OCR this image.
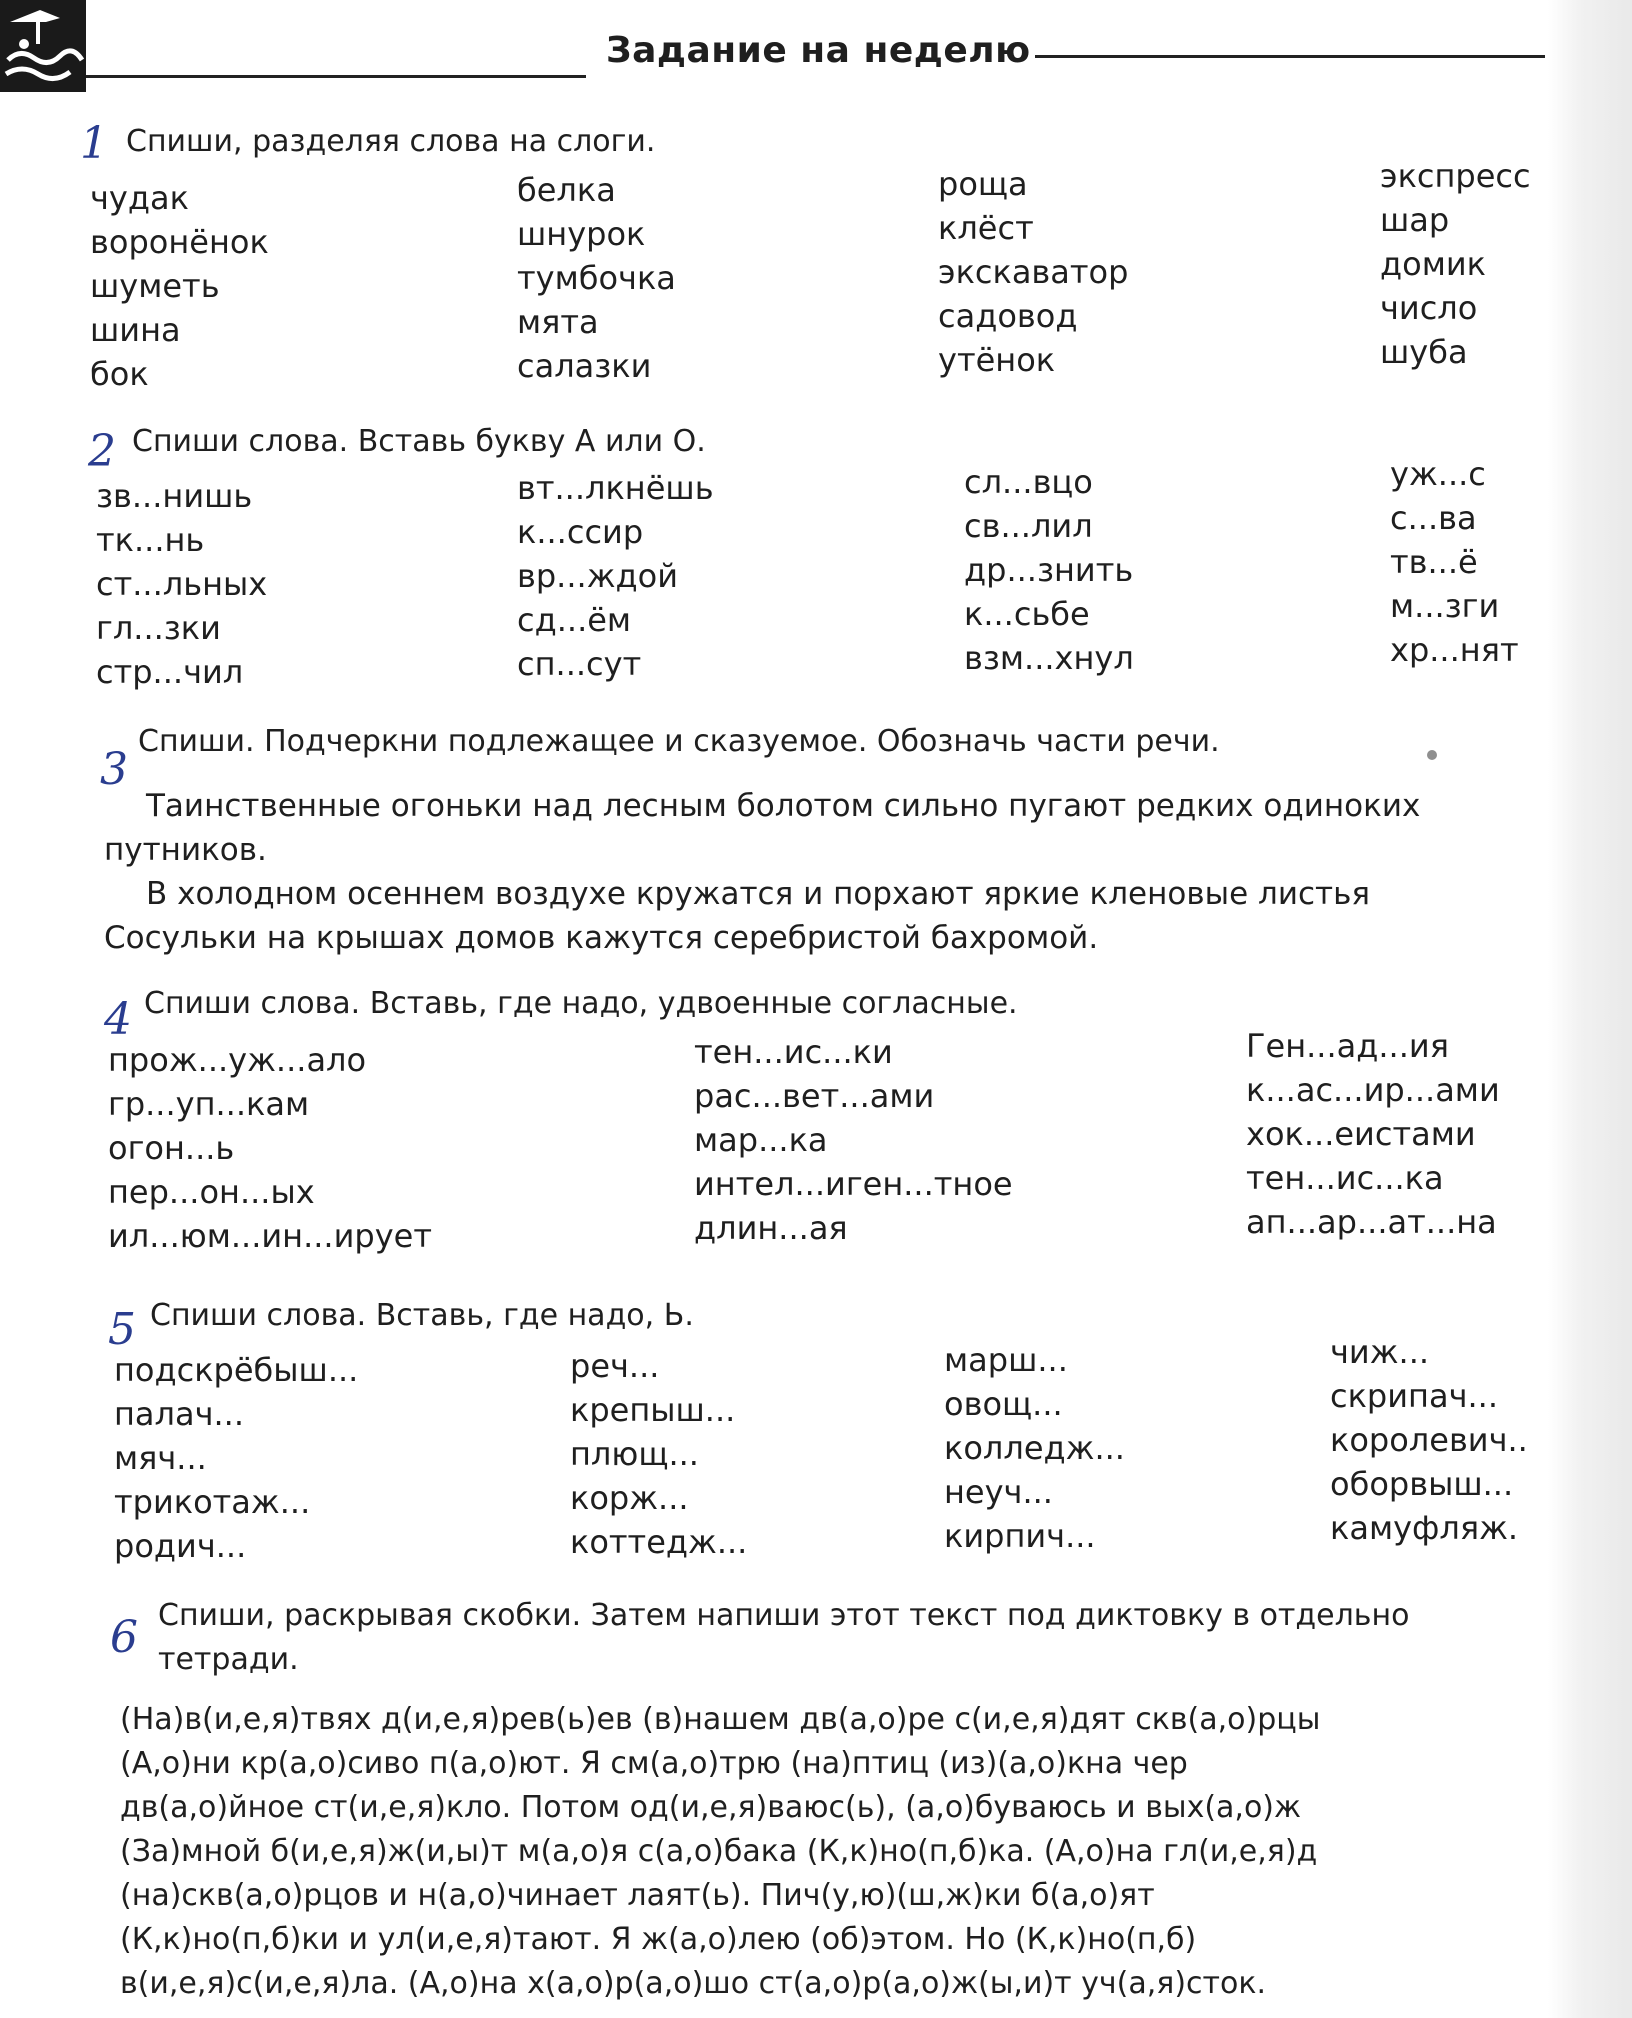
Задание на неделю
1 Спиши, разделяя слова на слоги.
чудак
воронёнок
шуметь
шина
бок
белка
шнурок
тумбочка
мята
салазки
роща
клёст
экскаватор
садовод
утёнок
экспресс
шар
домик
число
шуба
2 Спиши слова. Вставь букву А или О.
зв...нишь
тк...нь
ст...льных
гл...зки
стр...чил
вт...лкнёшь
к...ссир
вр...ждой
сд...ём
сп...сут
сл...вцо
св...лил
др...знить
к...сьбе
взм...хнул
уж...с
с...ва
тв...ё
м...зги
хр...нят
3
Спиши. Подчеркни подлежащее и сказуемое. Обозначь части речи.
Таинственные огоньки над лесным болотом сильно пугают редких одинокиx
путников.
В холодном осеннем воздухе кружатся и порхают яркие кленовые листья
Сосульки на крышах домов кажутся серебристой бахромой.
4 Спиши слова. Вставь, где надо, удвоенные согласные.
прож...уж...ало
гр...уп...кам
огон...ь
пер...он...ых
ил...юм...ин...ирует
тен...ис...ки
рас...вет...ами
мар...ка
интел...иген...тное
длин...ая
Ген...ад...ия
к...ас...ир...ами
хок...еистами
тен...ис...ка
ап...ар...ат...на
5 Спиши слова. Вставь, где надо, Ь.
подскрёбыш...
палач...
мяч...
трикотаж...
родич...
реч...
крепыш...
плющ...
корж...
коттедж...
марш...
овощ...
колледж...
неуч...
кирпич...
чиж...
скрипач...
королевич..
оборвыш...
камуфляж.
6 Спиши, раскрывая скобки. Затем напиши этот текст под диктовку в отдельно
тетради.
(На)в(и,е,я)твях д(и,е,я)рев(ь)ев (в)нашем дв(а,о)ре с(и,е,я)дят скв(а,о)рцы
(А,о)ни кр(а,о)сиво п(а,о)ют. Я см(а,о)трю (на)птиц (из)(а,о)кна чер
дв(а,о)йное ст(и,е,я)кло. Потом од(и,е,я)ваюс(ь), (а,о)буваюсь и вых(а,о)ж
(За)мной б(и,е,я)ж(и,ы)т м(а,о)я с(а,о)бака (К,к)но(п,б)ка. (А,о)на гл(и,е,я)д
(на)скв(а,о)рцов и н(а,о)чинает лаят(ь). Пич(у,ю)(ш,ж)ки б(а,о)ят
(К,к)но(п,б)ки и ул(и,е,я)тают. Я ж(а,о)лею (об)этом. Но (К,к)но(п,б)
в(и,е,я)с(и,е,я)ла. (А,о)на х(а,о)р(а,о)шо ст(а,о)р(а,о)ж(ы,и)т уч(а,я)сток.
